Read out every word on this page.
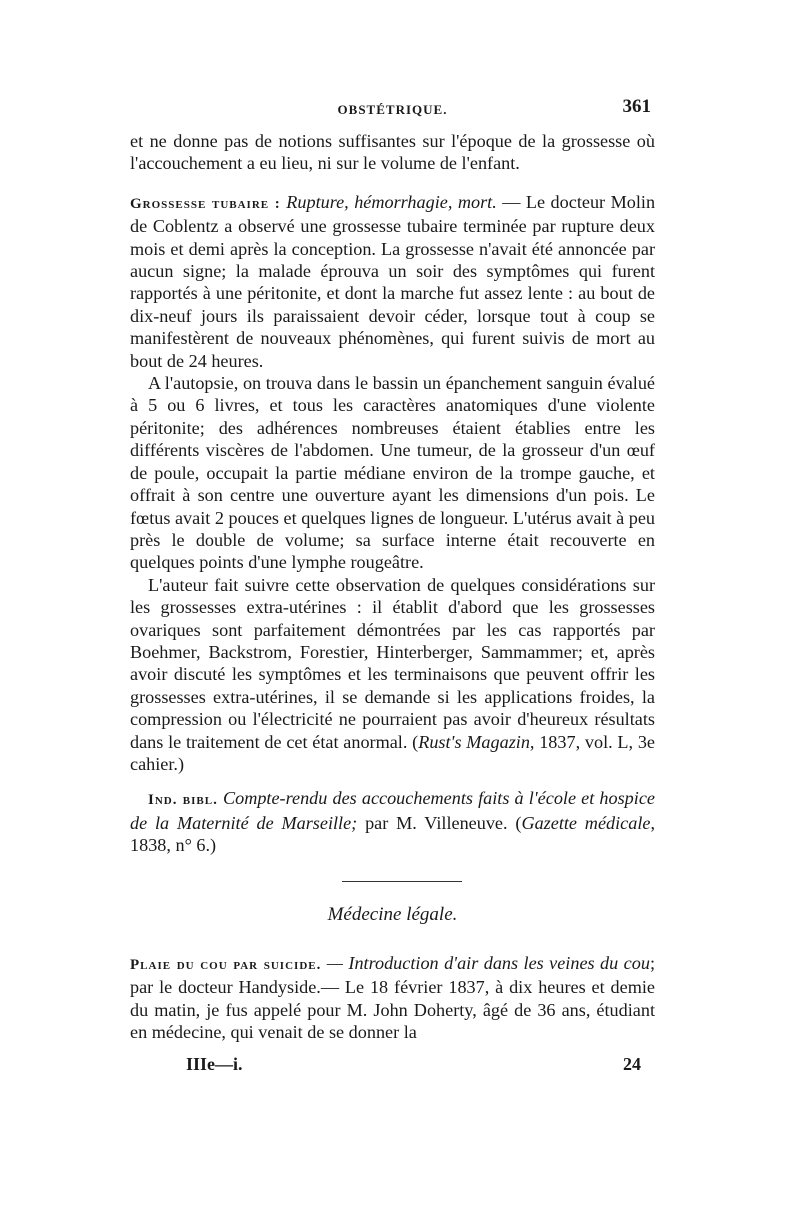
OBSTÉTRIQUE.	361

et ne donne pas de notions suffisantes sur l'époque de la grossesse où l'accouchement a eu lieu, ni sur le volume de l'enfant.

Grossesse tubaire : Rupture, hémorrhagie, mort. — Le docteur Molin de Coblentz a observé une grossesse tubaire terminée par rupture deux mois et demi après la conception. La grossesse n'avait été annoncée par aucun signe; la malade éprouva un soir des symptômes qui furent rapportés à une péritonite, et dont la marche fut assez lente : au bout de dix-neuf jours ils paraissaient devoir céder, lorsque tout à coup se manifestèrent de nouveaux phénomènes, qui furent suivis de mort au bout de 24 heures.

A l'autopsie, on trouva dans le bassin un épanchement sanguin évalué à 5 ou 6 livres, et tous les caractères anatomiques d'une violente péritonite; des adhérences nombreuses étaient établies entre les différents viscères de l'abdomen. Une tumeur, de la grosseur d'un œuf de poule, occupait la partie médiane environ de la trompe gauche, et offrait à son centre une ouverture ayant les dimensions d'un pois. Le fœtus avait 2 pouces et quelques lignes de longueur. L'utérus avait à peu près le double de volume; sa surface interne était recouverte en quelques points d'une lymphe rougeâtre.

L'auteur fait suivre cette observation de quelques considérations sur les grossesses extra-utérines : il établit d'abord que les grossesses ovariques sont parfaitement démontrées par les cas rapportés par Boehmer, Backstrom, Forestier, Hinterberger, Sammammer; et, après avoir discuté les symptômes et les terminaisons que peuvent offrir les grossesses extra-utérines, il se demande si les applications froides, la compression ou l'électricité ne pourraient pas avoir d'heureux résultats dans le traitement de cet état anormal. (Rust's Magazin, 1837, vol. L, 3e cahier.)

Ind. bibl. Compte-rendu des accouchements faits à l'école et hospice de la Maternité de Marseille; par M. Villeneuve. (Gazette médicale, 1838, n° 6.)

Médecine légale.

Plaie du cou par suicide. — Introduction d'air dans les veines du cou; par le docteur Handyside.— Le 18 février 1837, à dix heures et demie du matin, je fus appelé pour M. John Doherty, âgé de 36 ans, étudiant en médecine, qui venait de se donner la

IIIe—i.	24
